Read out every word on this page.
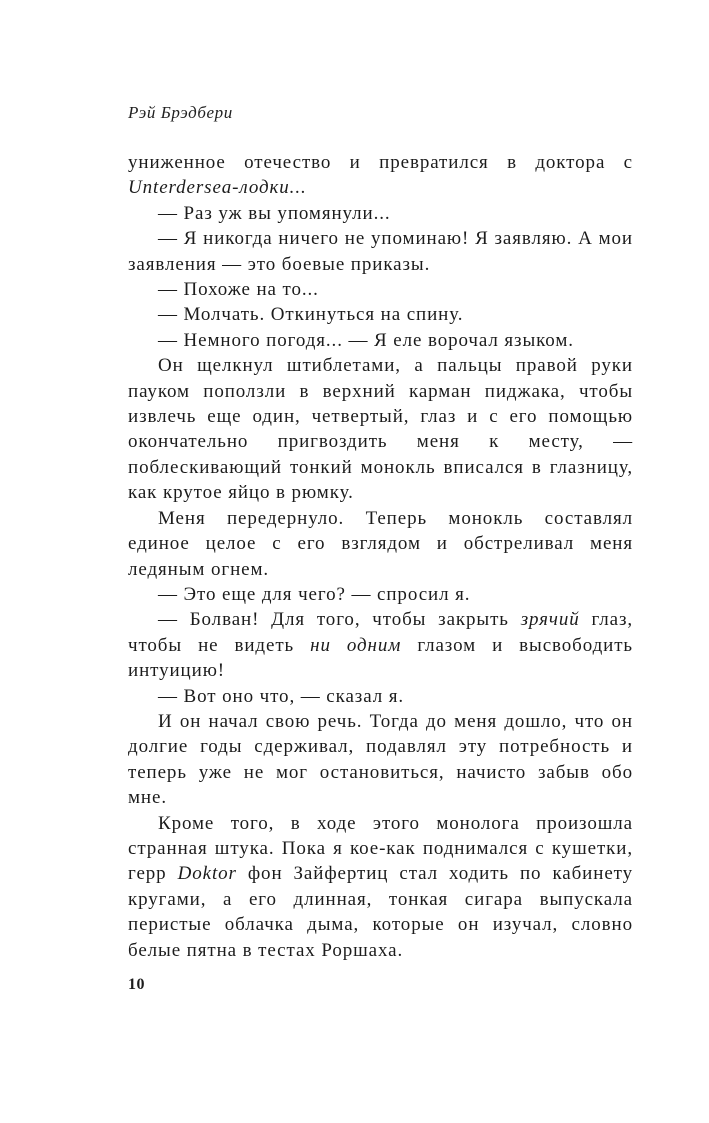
Рэй Брэдбери

униженное отечество и превратился в доктора с Unterdersea-лодки...

— Раз уж вы упомянули...

— Я никогда ничего не упоминаю! Я заявляю. А мои заявления — это боевые приказы.

— Похоже на то...

— Молчать. Откинуться на спину.

— Немного погодя... — Я еле ворочал языком.

Он щелкнул штиблетами, а пальцы правой руки пауком поползли в верхний карман пиджака, чтобы извлечь еще один, четвертый, глаз и с его помощью окончательно пригвоздить меня к месту, — поблескивающий тонкий монокль вписался в глазницу, как крутое яйцо в рюмку.

Меня передернуло. Теперь монокль составлял единое целое с его взглядом и обстреливал меня ледяным огнем.

— Это еще для чего? — спросил я.

— Болван! Для того, чтобы закрыть зрячий глаз, чтобы не видеть ни одним глазом и высвободить интуицию!

— Вот оно что, — сказал я.

И он начал свою речь. Тогда до меня дошло, что он долгие годы сдерживал, подавлял эту потребность и теперь уже не мог остановиться, начисто забыв обо мне.

Кроме того, в ходе этого монолога произошла странная штука. Пока я кое-как поднимался с кушетки, герр Doktor фон Зайфертиц стал ходить по кабинету кругами, а его длинная, тонкая сигара выпускала перистые облачка дыма, которые он изучал, словно белые пятна в тестах Роршаха.

10
